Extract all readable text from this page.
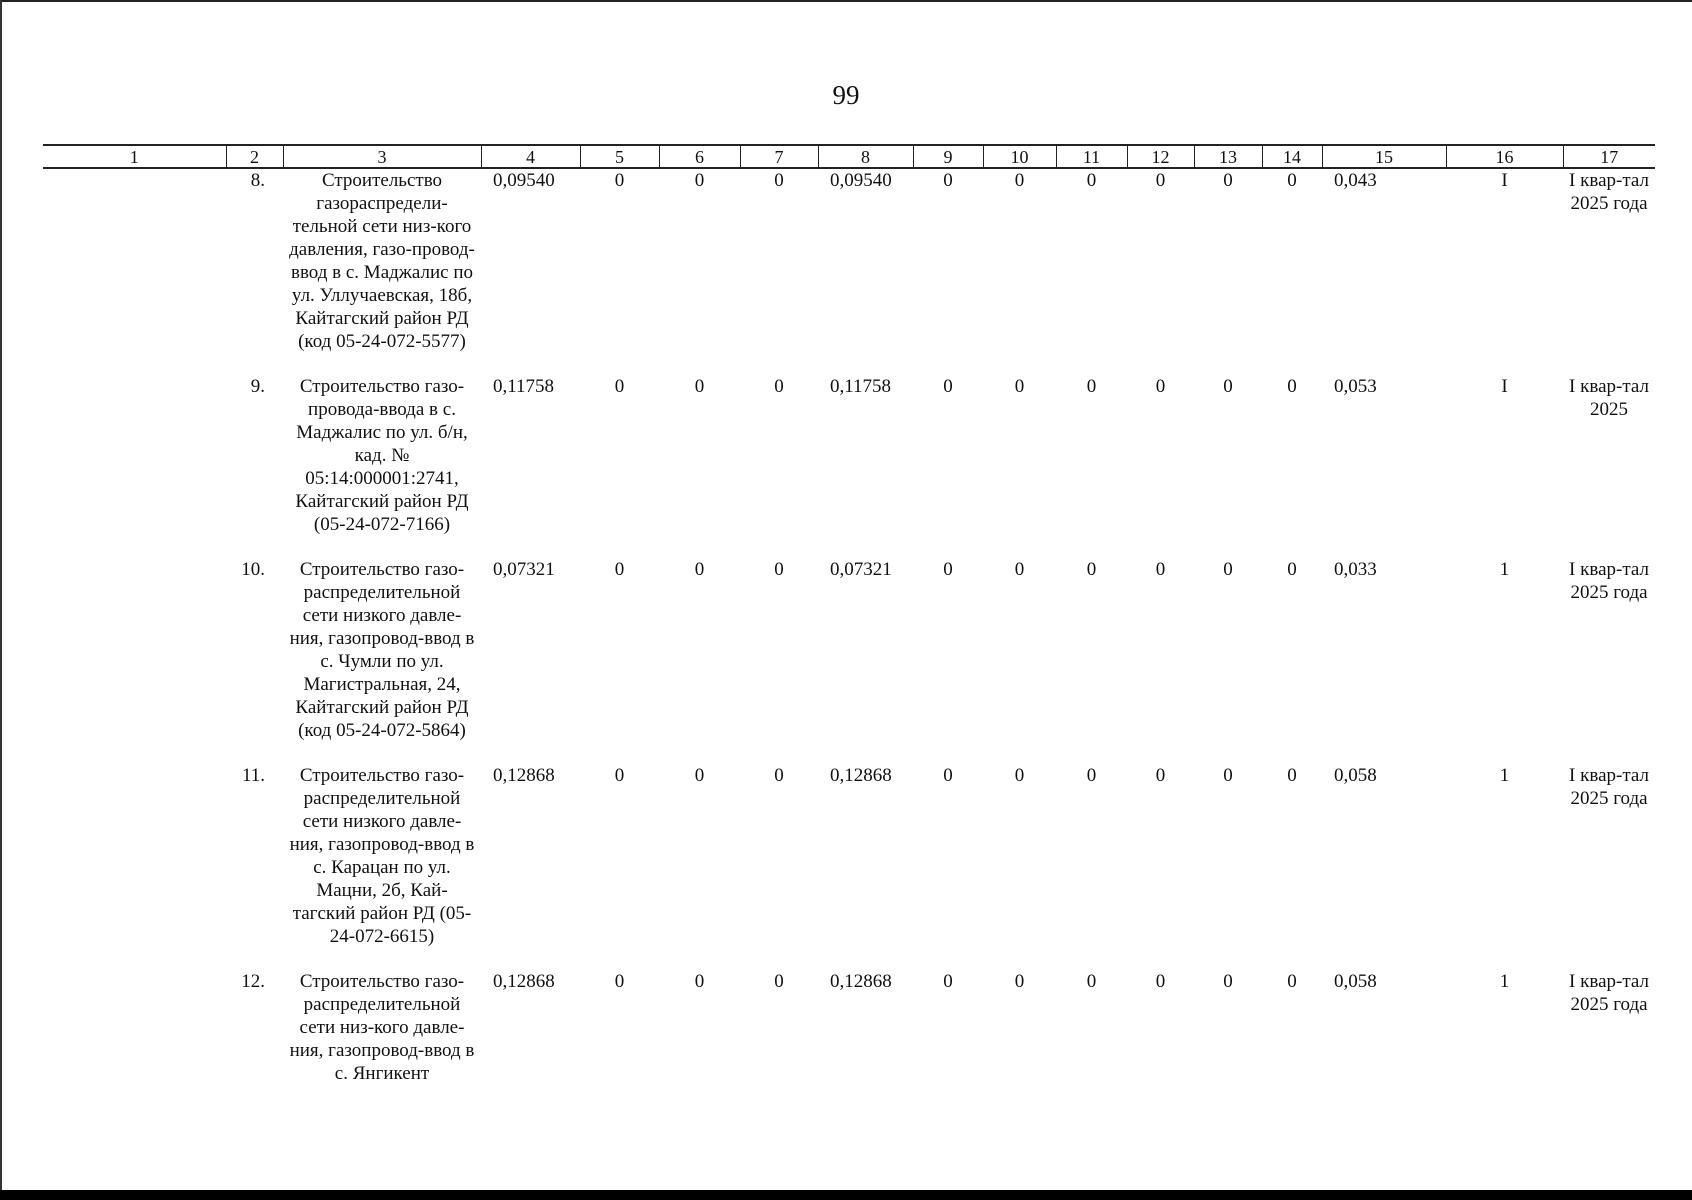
99
1	2	3	4	5	6	7	8	9	10	11	12	13	14	15	16	17
	8.	Строительство газораспредели-тельной сети низ-кого давления, газо-провод-ввод в с. Маджалис по ул. Уллучаевская, 18б, Кайтагский район РД (код 05-24-072-5577)	0,09540	0	0	0	0,09540	0	0	0	0	0	0	0,043	I	I квар-тал 2025 года

	9.	Строительство газо-провода-ввода в с. Маджалис по ул. б/н, кад. № 05:14:000001:2741, Кайтагский район РД (05-24-072-7166)	0,11758	0	0	0	0,11758	0	0	0	0	0	0	0,053	I	I квар-тал 2025

	10.	Строительство газо-распределительной сети низкого давле-ния, газопровод-ввод в с. Чумли по ул. Магистральная, 24, Кайтагский район РД (код 05-24-072-5864)	0,07321	0	0	0	0,07321	0	0	0	0	0	0	0,033	1	I квар-тал 2025 года

	11.	Строительство газо-распределительной сети низкого давле-ния, газопровод-ввод в с. Карацан по ул. Мацни, 2б, Кай-тагский район РД (05-24-072-6615)	0,12868	0	0	0	0,12868	0	0	0	0	0	0	0,058	1	I квар-тал 2025 года

	12.	Строительство газо-распределительной сети низ-кого давле-ния, газопровод-ввод в с. Янгикент	0,12868	0	0	0	0,12868	0	0	0	0	0	0	0,058	1	I квар-тал 2025 года
